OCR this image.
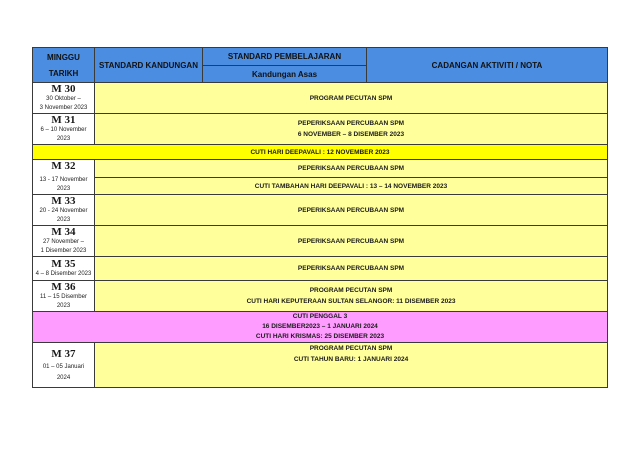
MINGGU
TARIKH	STANDARD KANDUNGAN	STANDARD PEMBELAJARAN	CADANGAN AKTIVITI / NOTA
		Kandungan Asas	

M 30
30 Oktober –
3 November 2023	PROGRAM PECUTAN SPM		

M 31
6 – 10 November
2023	PEPERIKSAAN PERCUBAAN SPM
6 NOVEMBER – 8 DISEMBER 2023		

CUTI HARI DEEPAVALI : 12 NOVEMBER 2023			

M 32
13 - 17 November
2023	PEPERIKSAAN PERCUBAAN SPM		

	CUTI TAMBAHAN HARI DEEPAVALI : 13 – 14 NOVEMBER 2023		

M 33
20 - 24 November
2023	PEPERIKSAAN PERCUBAAN SPM		

M 34
27 November –
1 Disember 2023	PEPERIKSAAN PERCUBAAN SPM		

M 35
4 – 8 Disember 2023	PEPERIKSAAN PERCUBAAN SPM		

M 36
11 – 15 Disember
2023	PROGRAM PECUTAN SPM
CUTI HARI KEPUTERAAN SULTAN SELANGOR: 11 DISEMBER 2023		

CUTI PENGGAL 3
16 DISEMBER2023 – 1 JANUARI 2024
CUTI HARI KRISMAS: 25 DISEMBER 2023			

M 37
01 – 05 Januari
2024	PROGRAM PECUTAN SPM
CUTI TAHUN BARU: 1 JANUARI 2024		
